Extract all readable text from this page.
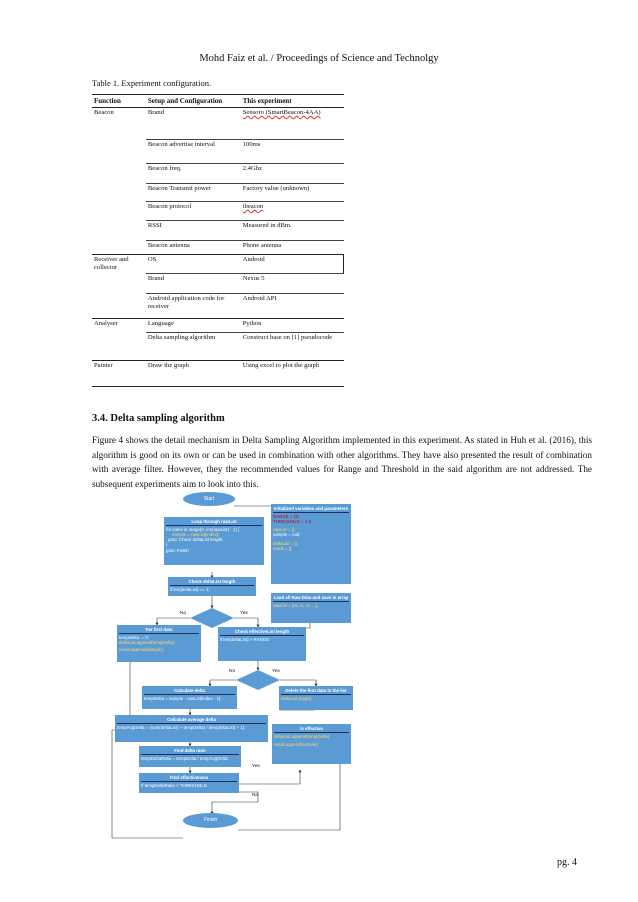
Mohd Faiz et al. / Proceedings of Science and Technolgy
Table 1. Experiment configuration.
Function	Setup and Configuration	This experiment
Beacon	Brand	Sensoro (SmartBeacon-4AA)
	Beacon advertise interval	100ms
	Beacon freq.	2.4Ghz
	Beacon Transmit power	Factory value (unknown)
	Beacon protocol	ibeacon
	RSSI	Measured in dBm.
	Beacon antenna	Phone antenna
Receiver and collector	OS	Android
	Brand	Nexus 5
	Android application code for receiver	Android API
Analyser	Language	Python
	Delta sampling algorithm	Construct base on [1] pseudocode
Painter	Draw the graph	Using excel to plot the graph
3.4. Delta sampling algorithm
Figure 4 shows the detail mechanism in Delta Sampling Algorithm implemented in this experiment. As stated in Huh et al. (2016), this algorithm is good on its own or can be used in combination with other algorithms. They have also presented the result of combination with average filter. However, they the recommended values for Range and Threshold in the said algorithm are not addressed. The subsequent experiments aim to look into this.
Start
Finish
Initialized variables and parameters
RANGE = 10
THRESHOLD = 1.5
rawList = [];
sample = null;
deltaList = [];
result = [];
Load all Raw Data and save in array
rawList = [r0, r1, r2, ...];
Loop through rawList
for index in range(0, len(rawList) - 1) {
sample = rawList[index];
goto: Check deltaList length;
}
goto: Finish
Check deltaList length
if len(deltaList) == 1;
No	Yes
For first data
tempDelta := 0;
deltaList.append(tempDelta);
result.append(sample);
Check effectiveList length
if len(deltaList) > RANGE
No	Yes
Calculate delta
tempDelta = sample - rawList[index - 1];
Delete the first data in the list
deltaList.pop(0);
Calculate average delta
tempAvgDelta = (sum(deltaList) + tempDelta) / (len(deltaList) + 1);	Is effective
deltaList.append(tempDelta);
result.append(sample);
Find delta ratio
tempDeltaRatio = tempDelta / tempAvgDelta;
Find effectiveness
If tempDeltaRatio < THRESHOLD
Yes
No
pg. 4
